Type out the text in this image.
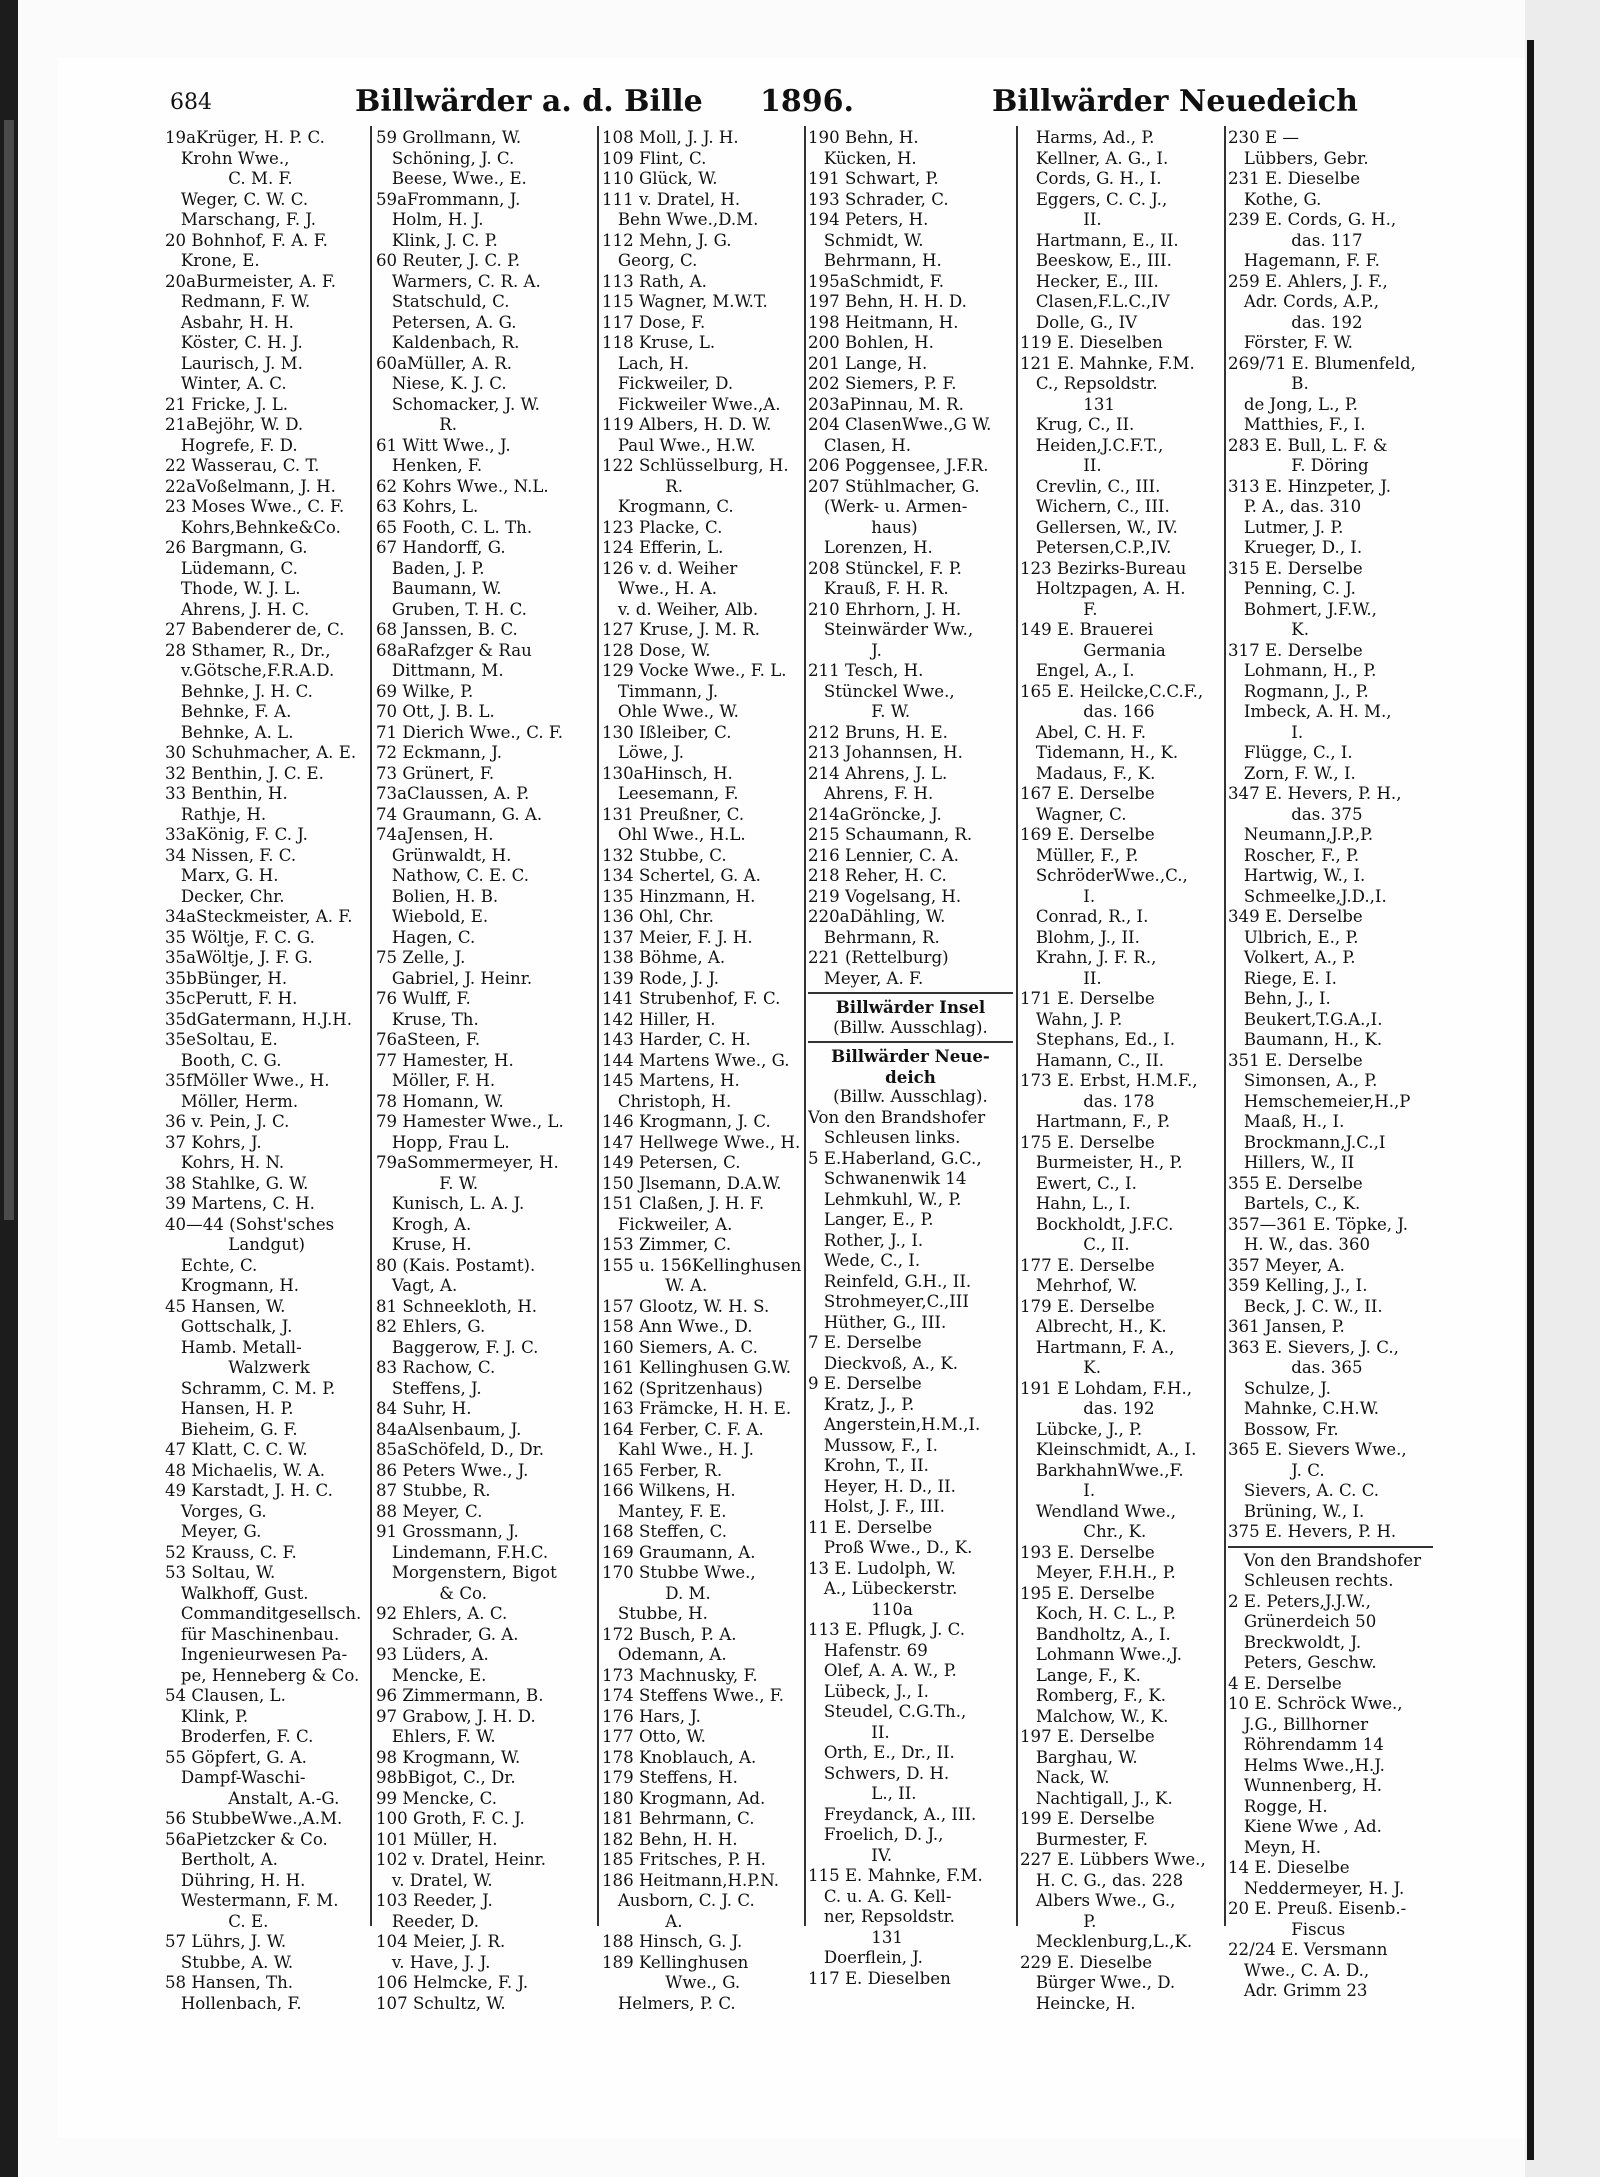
684	Billwärder a. d. Bille 1896.	Billwärder Neuedeich
19aKrüger, H. P. C.
Krohn Wwe.,
C. M. F.
Weger, C. W. C.
Marschang, F. J.
20 Bohnhof, F. A. F.
Krone, E.
20aBurmeister, A. F.
Redmann, F. W.
Asbahr, H. H.
Köster, C. H. J.
Laurisch, J. M.
Winter, A. C.
21 Fricke, J. L.
21aBejöhr, W. D.
Hogrefe, F. D.
22 Wasserau, C. T.
22aVoßelmann, J. H.
23 Moses Wwe., C. F.
Kohrs,Behnke&Co.
26 Bargmann, G.
Lüdemann, C.
Thode, W. J. L.
Ahrens, J. H. C.
27 Babenderer de, C.
28 Sthamer, R., Dr.,
v.Götsche,F.R.A.D.
Behnke, J. H. C.
Behnke, F. A.
Behnke, A. L.
30 Schuhmacher, A. E.
32 Benthin, J. C. E.
33 Benthin, H.
Rathje, H.
33aKönig, F. C. J.
34 Nissen, F. C.
Marx, G. H.
Decker, Chr.
34aSteckmeister, A. F.
35 Wöltje, F. C. G.
35aWöltje, J. F. G.
35bBünger, H.
35cPerutt, F. H.
35dGatermann, H.J.H.
35eSoltau, E.
Booth, C. G.
35fMöller Wwe., H.
Möller, Herm.
36 v. Pein, J. C.
37 Kohrs, J.
Kohrs, H. N.
38 Stahlke, G. W.
39 Martens, C. H.
40—44 (Sohst'sches
Landgut)
Echte, C.
Krogmann, H.
45 Hansen, W.
Gottschalk, J.
Hamb. Metall-
Walzwerk
Schramm, C. M. P.
Hansen, H. P.
Bieheim, G. F.
47 Klatt, C. C. W.
48 Michaelis, W. A.
49 Karstadt, J. H. C.
Vorges, G.
Meyer, G.
52 Krauss, C. F.
53 Soltau, W.
Walkhoff, Gust.
Commanditgesellsch.
für Maschinenbau.
Ingenieurwesen Pa-
pe, Henneberg & Co.
54 Clausen, L.
Klink, P.
Broderfen, F. C.
55 Göpfert, G. A.
Dampf-Waschi-
Anstalt, A.-G.
56 StubbeWwe.,A.M.
56aPietzcker & Co.
Bertholt, A.
Dühring, H. H.
Westermann, F. M.
C. E.
57 Lührs, J. W.
Stubbe, A. W.
58 Hansen, Th.
Hollenbach, F.
59 Grollmann, W.
Schöning, J. C.
Beese, Wwe., E.
59aFrommann, J.
Holm, H. J.
Klink, J. C. P.
60 Reuter, J. C. P.
Warmers, C. R. A.
Statschuld, C.
Petersen, A. G.
Kaldenbach, R.
60aMüller, A. R.
Niese, K. J. C.
Schomacker, J. W.
R.
61 Witt Wwe., J.
Henken, F.
62 Kohrs Wwe., N.L.
63 Kohrs, L.
65 Footh, C. L. Th.
67 Handorff, G.
Baden, J. P.
Baumann, W.
Gruben, T. H. C.
68 Janssen, B. C.
68aRafzger & Rau
Dittmann, M.
69 Wilke, P.
70 Ott, J. B. L.
71 Dierich Wwe., C. F.
72 Eckmann, J.
73 Grünert, F.
73aClaussen, A. P.
74 Graumann, G. A.
74aJensen, H.
Grünwaldt, H.
Nathow, C. E. C.
Bolien, H. B.
Wiebold, E.
Hagen, C.
75 Zelle, J.
Gabriel, J. Heinr.
76 Wulff, F.
Kruse, Th.
76aSteen, F.
77 Hamester, H.
Möller, F. H.
78 Homann, W.
79 Hamester Wwe., L.
Hopp, Frau L.
79aSommermeyer, H.
F. W.
Kunisch, L. A. J.
Krogh, A.
Kruse, H.
80 (Kais. Postamt).
Vagt, A.
81 Schneekloth, H.
82 Ehlers, G.
Baggerow, F. J. C.
83 Rachow, C.
Steffens, J.
84 Suhr, H.
84aAlsenbaum, J.
85aSchöfeld, D., Dr.
86 Peters Wwe., J.
87 Stubbe, R.
88 Meyer, C.
91 Grossmann, J.
Lindemann, F.H.C.
Morgenstern, Bigot
& Co.
92 Ehlers, A. C.
Schrader, G. A.
93 Lüders, A.
Mencke, E.
96 Zimmermann, B.
97 Grabow, J. H. D.
Ehlers, F. W.
98 Krogmann, W.
98bBigot, C., Dr.
99 Mencke, C.
100 Groth, F. C. J.
101 Müller, H.
102 v. Dratel, Heinr.
v. Dratel, W.
103 Reeder, J.
Reeder, D.
104 Meier, J. R.
v. Have, J. J.
106 Helmcke, F. J.
107 Schultz, W.
108 Moll, J. J. H.
109 Flint, C.
110 Glück, W.
111 v. Dratel, H.
Behn Wwe.,D.M.
112 Mehn, J. G.
Georg, C.
113 Rath, A.
115 Wagner, M.W.T.
117 Dose, F.
118 Kruse, L.
Lach, H.
Fickweiler, D.
Fickweiler Wwe.,A.
119 Albers, H. D. W.
Paul Wwe., H.W.
122 Schlüsselburg, H.
R.
Krogmann, C.
123 Placke, C.
124 Efferin, L.
126 v. d. Weiher
Wwe., H. A.
v. d. Weiher, Alb.
127 Kruse, J. M. R.
128 Dose, W.
129 Vocke Wwe., F. L.
Timmann, J.
Ohle Wwe., W.
130 Ißleiber, C.
Löwe, J.
130aHinsch, H.
Leesemann, F.
131 Preußner, C.
Ohl Wwe., H.L.
132 Stubbe, C.
134 Schertel, G. A.
135 Hinzmann, H.
136 Ohl, Chr.
137 Meier, F. J. H.
138 Böhme, A.
139 Rode, J. J.
141 Strubenhof, F. C.
142 Hiller, H.
143 Harder, C. H.
144 Martens Wwe., G.
145 Martens, H.
Christoph, H.
146 Krogmann, J. C.
147 Hellwege Wwe., H.
149 Petersen, C.
150 Jlsemann, D.A.W.
151 Claßen, J. H. F.
Fickweiler, A.
153 Zimmer, C.
155 u. 156Kellinghusen
W. A.
157 Glootz, W. H. S.
158 Ann Wwe., D.
160 Siemers, A. C.
161 Kellinghusen G.W.
162 (Spritzenhaus)
163 Främcke, H. H. E.
164 Ferber, C. F. A.
Kahl Wwe., H. J.
165 Ferber, R.
166 Wilkens, H.
Mantey, F. E.
168 Steffen, C.
169 Graumann, A.
170 Stubbe Wwe.,
D. M.
Stubbe, H.
172 Busch, P. A.
Odemann, A.
173 Machnusky, F.
174 Steffens Wwe., F.
176 Hars, J.
177 Otto, W.
178 Knoblauch, A.
179 Steffens, H.
180 Krogmann, Ad.
181 Behrmann, C.
182 Behn, H. H.
185 Fritsches, P. H.
186 Heitmann,H.P.N.
Ausborn, C. J. C.
A.
188 Hinsch, G. J.
189 Kellinghusen
Wwe., G.
Helmers, P. C.
190 Behn, H.
Kücken, H.
191 Schwart, P.
193 Schrader, C.
194 Peters, H.
Schmidt, W.
Behrmann, H.
195aSchmidt, F.
197 Behn, H. H. D.
198 Heitmann, H.
200 Bohlen, H.
201 Lange, H.
202 Siemers, P. F.
203aPinnau, M. R.
204 ClasenWwe.,G W.
Clasen, H.
206 Poggensee, J.F.R.
207 Stühlmacher, G.
(Werk- u. Armen-
haus)
Lorenzen, H.
208 Stünckel, F. P.
Krauß, F. H. R.
210 Ehrhorn, J. H.
Steinwärder Ww.,
J.
211 Tesch, H.
Stünckel Wwe.,
F. W.
212 Bruns, H. E.
213 Johannsen, H.
214 Ahrens, J. L.
Ahrens, F. H.
214aGröncke, J.
215 Schaumann, R.
216 Lennier, C. A.
218 Reher, H. C.
219 Vogelsang, H.
220aDähling, W.
Behrmann, R.
221 (Rettelburg)
Meyer, A. F.
Billwärder Insel
(Billw. Ausschlag).
Billwärder Neue-
deich
(Billw. Ausschlag).
Von den Brandshofer
Schleusen links.
5 E.Haberland, G.C.,
Schwanenwik 14
Lehmkuhl, W., P.
Langer, E., P.
Rother, J., I.
Wede, C., I.
Reinfeld, G.H., II.
Strohmeyer,C.,III
Hüther, G., III.
7 E. Derselbe
Dieckvoß, A., K.
9 E. Derselbe
Kratz, J., P.
Angerstein,H.M.,I.
Mussow, F., I.
Krohn, T., II.
Heyer, H. D., II.
Holst, J. F., III.
11 E. Derselbe
Proß Wwe., D., K.
13 E. Ludolph, W.
A., Lübeckerstr.
110a
113 E. Pflugk, J. C.
Hafenstr. 69
Olef, A. A. W., P.
Lübeck, J., I.
Steudel, C.G.Th.,
II.
Orth, E., Dr., II.
Schwers, D. H.
L., II.
Freydanck, A., III.
Froelich, D. J.,
IV.
115 E. Mahnke, F.M.
C. u. A. G. Kell-
ner, Repsoldstr.
131
Doerflein, J.
117 E. Dieselben
Harms, Ad., P.
Kellner, A. G., I.
Cords, G. H., I.
Eggers, C. C. J.,
II.
Hartmann, E., II.
Beeskow, E., III.
Hecker, E., III.
Clasen,F.L.C.,IV
Dolle, G., IV
119 E. Dieselben
121 E. Mahnke, F.M.
C., Repsoldstr.
131
Krug, C., II.
Heiden,J.C.F.T.,
II.
Crevlin, C., III.
Wichern, C., III.
Gellersen, W., IV.
Petersen,C.P.,IV.
123 Bezirks-Bureau
Holtzpagen, A. H.
F.
149 E. Brauerei
Germania
Engel, A., I.
165 E. Heilcke,C.C.F.,
das. 166
Abel, C. H. F.
Tidemann, H., K.
Madaus, F., K.
167 E. Derselbe
Wagner, C.
169 E. Derselbe
Müller, F., P.
SchröderWwe.,C.,
I.
Conrad, R., I.
Blohm, J., II.
Krahn, J. F. R.,
II.
171 E. Derselbe
Wahn, J. P.
Stephans, Ed., I.
Hamann, C., II.
173 E. Erbst, H.M.F.,
das. 178
Hartmann, F., P.
175 E. Derselbe
Burmeister, H., P.
Ewert, C., I.
Hahn, L., I.
Bockholdt, J.F.C.
C., II.
177 E. Derselbe
Mehrhof, W.
179 E. Derselbe
Albrecht, H., K.
Hartmann, F. A.,
K.
191 E Lohdam, F.H.,
das. 192
Lübcke, J., P.
Kleinschmidt, A., I.
BarkhahnWwe.,F.
I.
Wendland Wwe.,
Chr., K.
193 E. Derselbe
Meyer, F.H.H., P.
195 E. Derselbe
Koch, H. C. L., P.
Bandholtz, A., I.
Lohmann Wwe.,J.
Lange, F., K.
Romberg, F., K.
Malchow, W., K.
197 E. Derselbe
Barghau, W.
Nack, W.
Nachtigall, J., K.
199 E. Derselbe
Burmester, F.
227 E. Lübbers Wwe.,
H. C. G., das. 228
Albers Wwe., G.,
P.
Mecklenburg,L.,K.
229 E. Dieselbe
Bürger Wwe., D.
Heincke, H.
230 E —
Lübbers, Gebr.
231 E. Dieselbe
Kothe, G.
239 E. Cords, G. H.,
das. 117
Hagemann, F. F.
259 E. Ahlers, J. F.,
Adr. Cords, A.P.,
das. 192
Förster, F. W.
269/71 E. Blumenfeld,
B.
de Jong, L., P.
Matthies, F., I.
283 E. Bull, L. F. &
F. Döring
313 E. Hinzpeter, J.
P. A., das. 310
Lutmer, J. P.
Krueger, D., I.
315 E. Derselbe
Penning, C. J.
Bohmert, J.F.W.,
K.
317 E. Derselbe
Lohmann, H., P.
Rogmann, J., P.
Imbeck, A. H. M.,
I.
Flügge, C., I.
Zorn, F. W., I.
347 E. Hevers, P. H.,
das. 375
Neumann,J.P.,P.
Roscher, F., P.
Hartwig, W., I.
Schmeelke,J.D.,I.
349 E. Derselbe
Ulbrich, E., P.
Volkert, A., P.
Riege, E. I.
Behn, J., I.
Beukert,T.G.A.,I.
Baumann, H., K.
351 E. Derselbe
Simonsen, A., P.
Hemschemeier,H.,P
Maaß, H., I.
Brockmann,J.C.,I
Hillers, W., II
355 E. Derselbe
Bartels, C., K.
357—361 E. Töpke, J.
H. W., das. 360
357 Meyer, A.
359 Kelling, J., I.
Beck, J. C. W., II.
361 Jansen, P.
363 E. Sievers, J. C.,
das. 365
Schulze, J.
Mahnke, C.H.W.
Bossow, Fr.
365 E. Sievers Wwe.,
J. C.
Sievers, A. C. C.
Brüning, W., I.
375 E. Hevers, P. H.
Von den Brandshofer
Schleusen rechts.
2 E. Peters,J.J.W.,
Grünerdeich 50
Breckwoldt, J.
Peters, Geschw.
4 E. Derselbe
10 E. Schröck Wwe.,
J.G., Billhorner
Röhrendamm 14
Helms Wwe.,H.J.
Wunnenberg, H.
Rogge, H.
Kiene Wwe , Ad.
Meyn, H.
14 E. Dieselbe
Neddermeyer, H. J.
20 E. Preuß. Eisenb.-
Fiscus
22/24 E. Versmann
Wwe., C. A. D.,
Adr. Grimm 23
